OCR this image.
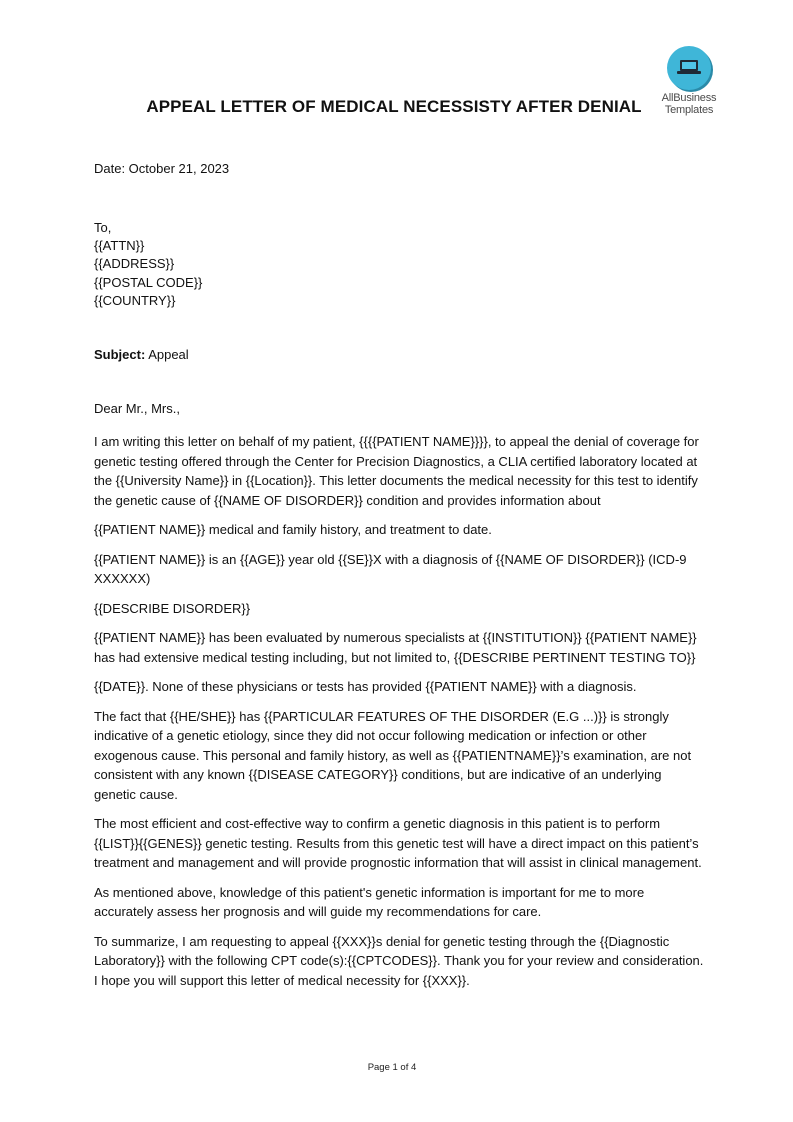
AllBusiness
Templates
APPEAL LETTER OF MEDICAL NECESSISTY AFTER DENIAL

Date: October 21, 2023

To,

{{ATTN}}

{{ADDRESS}}

{{POSTAL CODE}}

{{COUNTRY}}

Subject: Appeal

Dear Mr., Mrs.,

I am writing this letter on behalf of my patient, {{{{PATIENT NAME}}}}, to appeal the denial of coverage for genetic testing offered through the Center for Precision Diagnostics, a CLIA certified laboratory located at the {{University Name}} in {{Location}}. This letter documents the medical necessity for this test to identify the genetic cause of {{NAME OF DISORDER}} condition and provides information about

{{PATIENT NAME}} medical and family history, and treatment to date.

{{PATIENT NAME}} is an {{AGE}} year old {{SE}}X with a diagnosis of {{NAME OF DISORDER}} (ICD-9 XXXXXX)

{{DESCRIBE DISORDER}}

{{PATIENT NAME}} has been evaluated by numerous specialists at {{INSTITUTION}} {{PATIENT NAME}} has had extensive medical testing including, but not limited to, {{DESCRIBE PERTINENT TESTING TO}}

{{DATE}}. None of these physicians or tests has provided {{PATIENT NAME}} with a diagnosis.

The fact that {{HE/SHE}} has {{PARTICULAR FEATURES OF THE DISORDER (E.G ...)}} is strongly indicative of a genetic etiology, since they did not occur following medication or infection or other exogenous cause. This personal and family history, as well as {{PATIENTNAME}}’s examination, are not consistent with any known {{DISEASE CATEGORY}} conditions, but are indicative of an underlying genetic cause.

The most efficient and cost-effective way to confirm a genetic diagnosis in this patient is to perform {{LIST}}{{GENES}} genetic testing. Results from this genetic test will have a direct impact on this patient’s treatment and management and will provide prognostic information that will assist in clinical management.

As mentioned above, knowledge of this patient's genetic information is important for me to more accurately assess her prognosis and will guide my recommendations for care.

To summarize, I am requesting to appeal {{XXX}}s denial for genetic testing through the {{Diagnostic Laboratory}} with the following CPT code(s):{{CPTCODES}}. Thank you for your review and consideration. I hope you will support this letter of medical necessity for {{XXX}}.

Page 1 of 4
